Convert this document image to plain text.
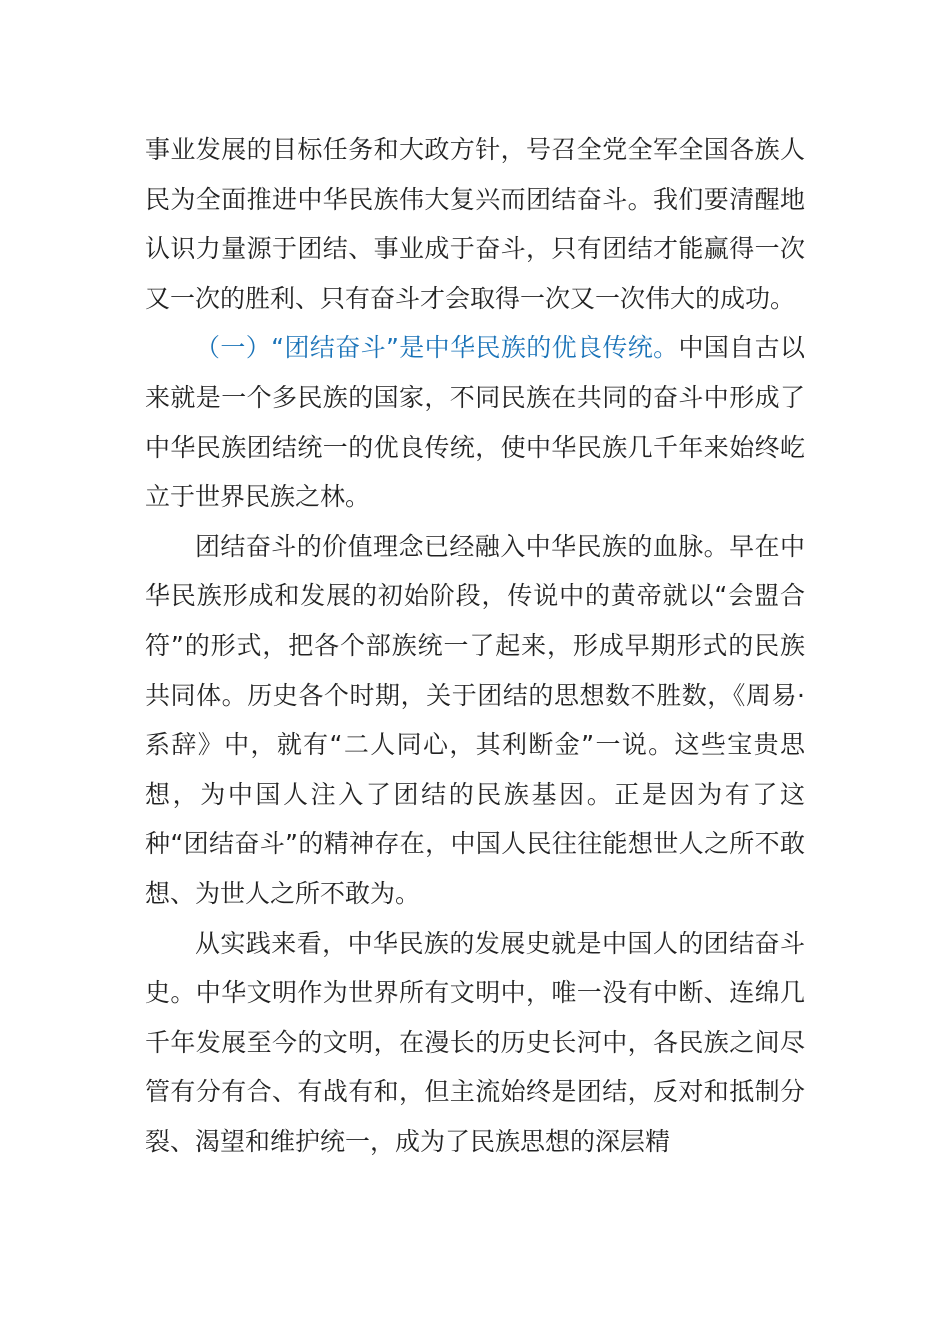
事业发展的目标任务和大政方针，号召全党全军全国各族人民为全面推进中华民族伟大复兴而团结奋斗。我们要清醒地认识力量源于团结、事业成于奋斗，只有团结才能赢得一次又一次的胜利、只有奋斗才会取得一次又一次伟大的成功。

（一）“团结奋斗”是中华民族的优良传统。中国自古以来就是一个多民族的国家，不同民族在共同的奋斗中形成了中华民族团结统一的优良传统，使中华民族几千年来始终屹立于世界民族之林。

团结奋斗的价值理念已经融入中华民族的血脉。早在中华民族形成和发展的初始阶段，传说中的黄帝就以“会盟合符”的形式，把各个部族统一了起来，形成早期形式的民族共同体。历史各个时期，关于团结的思想数不胜数，《周易·系辞》中，就有“二人同心，其利断金”一说。这些宝贵思想，为中国人注入了团结的民族基因。正是因为有了这种“团结奋斗”的精神存在，中国人民往往能想世人之所不敢想、为世人之所不敢为。

从实践来看，中华民族的发展史就是中国人的团结奋斗史。中华文明作为世界所有文明中，唯一没有中断、连绵几千年发展至今的文明，在漫长的历史长河中，各民族之间尽管有分有合、有战有和，但主流始终是团结，反对和抵制分裂、渴望和维护统一，成为了民族思想的深层精
